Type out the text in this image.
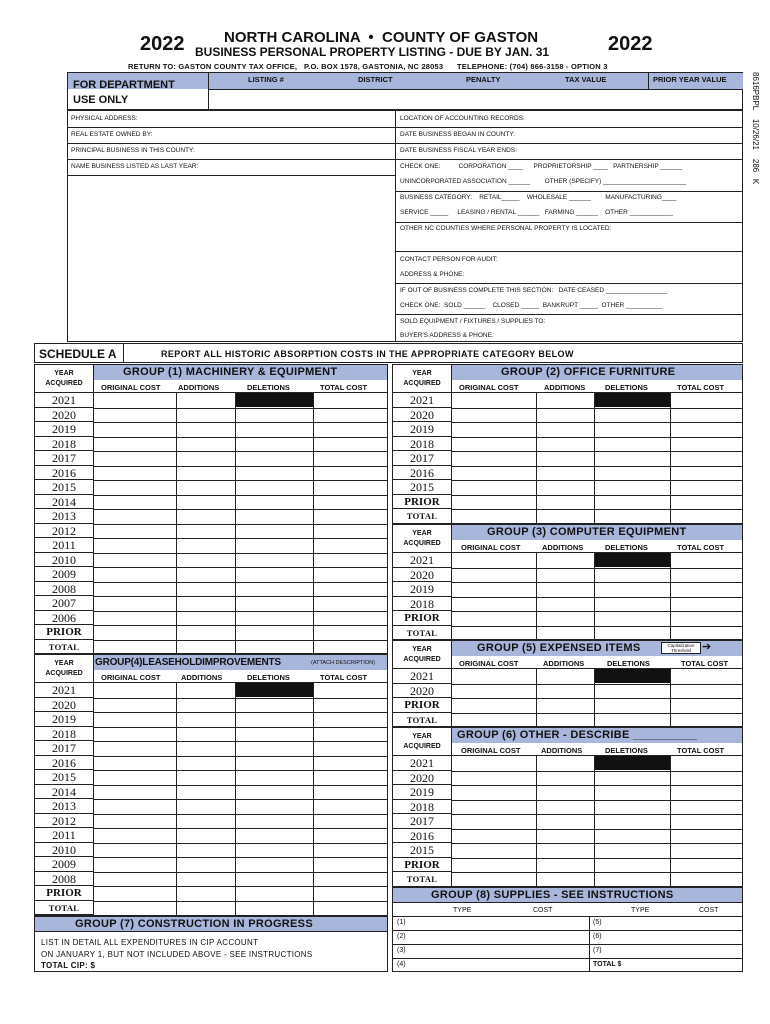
2022	2022
NORTH CAROLINA  •  COUNTY OF GASTON
BUSINESS PERSONAL PROPERTY LISTING - DUE BY JAN. 31
RETURN TO: GASTON COUNTY TAX OFFICE,   P.O. BOX 1578, GASTONIA, NC 28053      TELEPHONE: (704) 866-3158 - OPTION 3
8616PBPL    10/26/21    286   K
FOR DEPARTMENT
USE ONLY
LISTING #	DISTRICT	PENALTY	TAX VALUE	PRIOR YEAR VALUE
PHYSICAL ADDRESS:
REAL ESTATE OWNED BY:
PRINCIPAL BUSINESS IN THIS COUNTY:
NAME BUSINESS LISTED AS LAST YEAR:
LOCATION OF ACCOUNTING RECORDS:
DATE BUSINESS BEGAN IN COUNTY:
DATE BUSINESS FISCAL YEAR ENDS:
CHECK ONE:          CORPORATION ____      PROPRIETORSHIP ____   PARTNERSHIP ______
UNINCORPORATED ASSOCIATION ______        OTHER (SPECIFY) _______________________
BUSINESS CATEGORY:    RETAIL_____    WHOLESALE ______        MANUFACTURING____
SERVICE _____     LEASING / RENTAL ______   FARMING ______    OTHER ____________
OTHER NC COUNTIES WHERE PERSONAL PROPERTY IS LOCATED:
CONTACT PERSON FOR AUDIT:
ADDRESS & PHONE:
IF OUT OF BUSINESS COMPLETE THIS SECTION:   DATE CEASED _________________
CHECK ONE:  SOLD ______    CLOSED _____  BANKRUPT _____  OTHER __________
SOLD EQUIPMENT / FIXTURES / SUPPLIES TO:
BUYER'S ADDRESS & PHONE:
SCHEDULE A	REPORT ALL HISTORIC ABSORPTION COSTS IN THE APPROPRIATE CATEGORY BELOW
YEAR
ACQUIRED
GROUP (1) MACHINERY & EQUIPMENT
ORIGINAL COST ADDITIONS	DELETIONS	TOTAL COST
2021
2020
2019
2018
2017
2016
2015
2014
2013
2012
2011
2010
2009
2008
2007
2006
PRIOR
TOTAL
YEAR
ACQUIRED
GROUP(4)LEASEHOLDIMPROVEMENTS	(ATTACH DESCRIPTION)
ORIGINAL COST	ADDITIONS	DELETIONS	TOTAL COST
2021
2020
2019
2018
2017
2016
2015
2014
2013
2012
2011
2010
2009
2008
PRIOR
TOTAL
GROUP (7) CONSTRUCTION IN PROGRESS
LIST IN DETAIL ALL EXPENDITURES IN CIP ACCOUNT
ON JANUARY 1, BUT NOT INCLUDED ABOVE - SEE INSTRUCTIONS
TOTAL CIP: $
YEAR
ACQUIRED
GROUP (2) OFFICE FURNITURE
ORIGINAL COST	ADDITIONS	DELETIONS	TOTAL COST
2021
2020
2019
2018
2017
2016
2015
PRIOR
TOTAL
YEAR
ACQUIRED
GROUP (3) COMPUTER EQUIPMENT
ORIGINAL COST	ADDITIONS	DELETIONS	TOTAL COST
2021
2020
2019
2018
PRIOR
TOTAL
YEAR
ACQUIRED
GROUP (5) EXPENSED ITEMS	Capitalization
Threshold	➔
ORIGINAL COST	ADDITIONS	DELETIONS	TOTAL COST
2021
2020
PRIOR
TOTAL
YEAR
ACQUIRED
GROUP (6) OTHER - DESCRIBE __________
ORIGINAL COST	ADDITIONS	DELETIONS	TOTAL COST
2021
2020
2019
2018
2017
2016
2015
PRIOR
TOTAL
GROUP (8) SUPPLIES - SEE INSTRUCTIONS
TYPE	COST	TYPE	COST
(1)
(2)
(3)
(4)
(5)
(6)
(7)
TOTAL $
